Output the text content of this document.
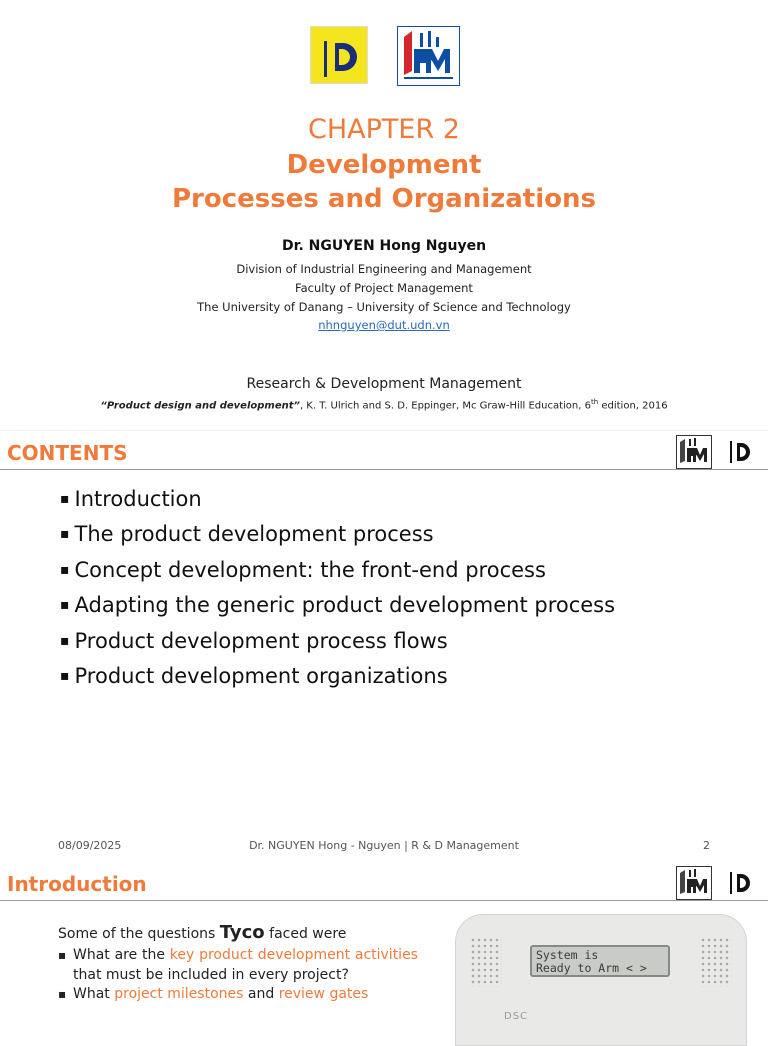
CHAPTER 2
Development
Processes and Organizations
Dr. NGUYEN Hong Nguyen
Division of Industrial Engineering and Management
Faculty of Project Management
The University of Danang – University of Science and Technology
nhnguyen@dut.udn.vn
Research & Development Management
“Product design and development”, K. T. Ulrich and S. D. Eppinger, Mc Graw-Hill Education, 6th edition, 2016
CONTENTS
▪ Introduction
▪ The product development process
▪ Concept development: the front-end process
▪ Adapting the generic product development process
▪ Product development process flows
▪ Product development organizations
08/09/2025	Dr. NGUYEN Hong - Nguyen | R & D Management	2
Introduction
Some of the questions Tyco faced were
▪ What are the key product development activities that must be included in every project?
▪ What project milestones and review gates
System is
Ready to Arm < >
DSC
